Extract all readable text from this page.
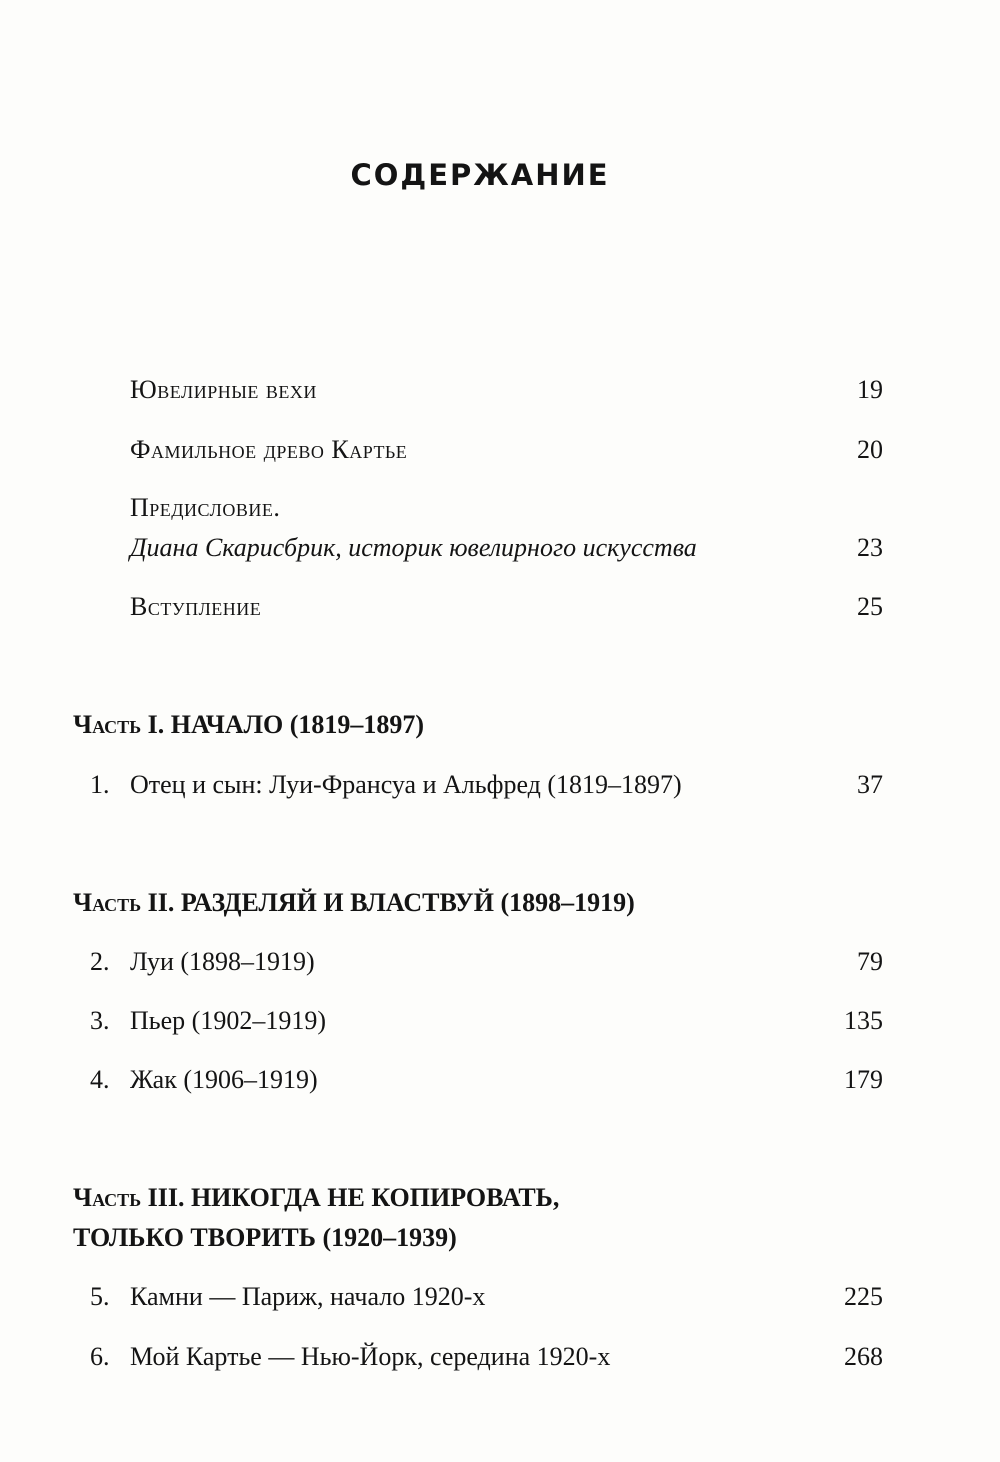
СОДЕРЖАНИЕ
Ювелирные вехи	19
Фамильное древо Картье	20
Предисловие.
Диана Скарисбрик, историк ювелирного искусства	23
Вступление	25
Часть I. НАЧАЛО (1819–1897)
1. Отец и сын: Луи-Франсуа и Альфред (1819–1897)	37
Часть II. РАЗДЕЛЯЙ И ВЛАСТВУЙ (1898–1919)
2. Луи (1898–1919)	79
3. Пьер (1902–1919)	135
4. Жак (1906–1919)	179
Часть III. НИКОГДА НЕ КОПИРОВАТЬ,
ТОЛЬКО ТВОРИТЬ (1920–1939)
5. Камни — Париж, начало 1920-х	225
6. Мой Картье — Нью-Йорк, середина 1920-х	268
